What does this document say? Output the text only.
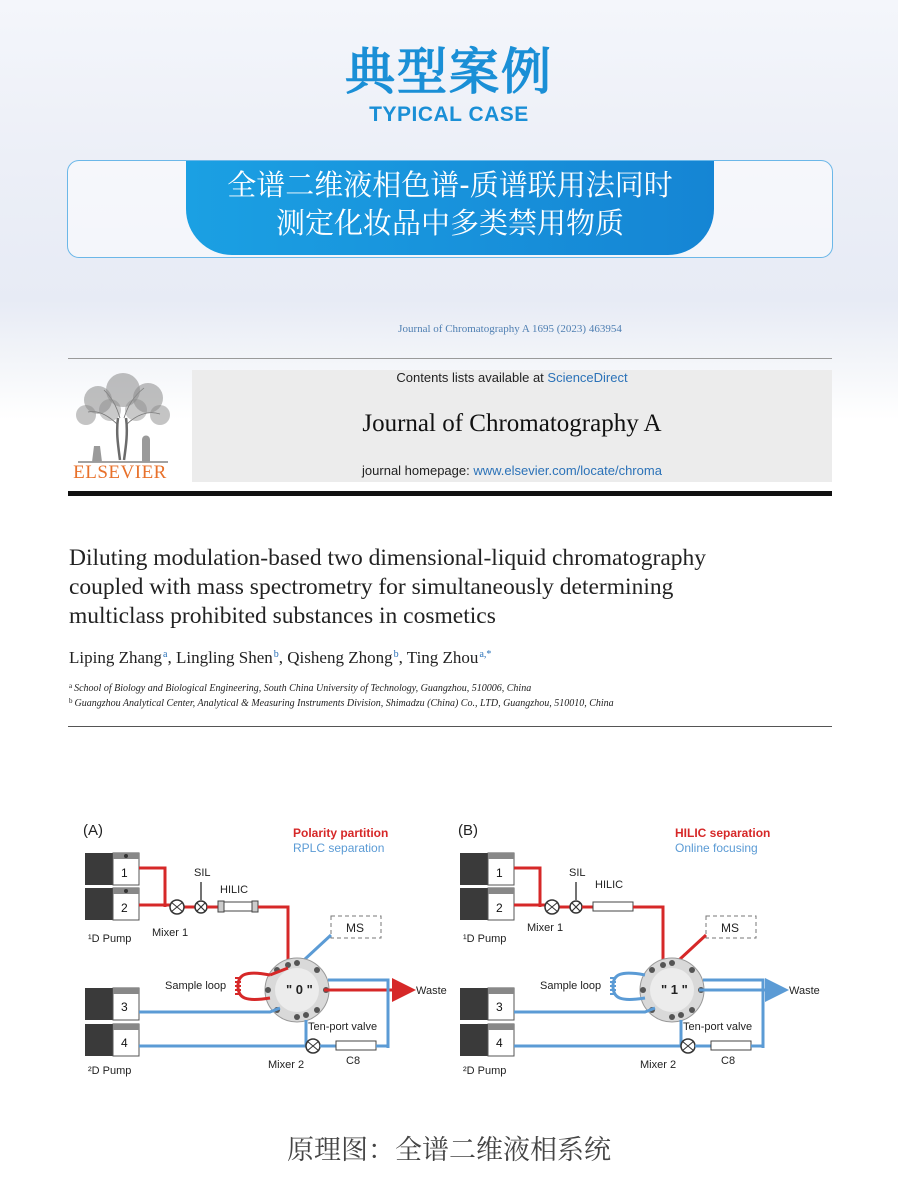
典型案例
TYPICAL CASE
全谱二维液相色谱-质谱联用法同时
测定化妆品中多类禁用物质
Journal of Chromatography A 1695 (2023) 463954
ELSEVIER
Contents lists available at ScienceDirect
Journal of Chromatography A
journal homepage: www.elsevier.com/locate/chroma
Diluting modulation-based two dimensional-liquid chromatography
coupled with mass spectrometry for simultaneously determining
multiclass prohibited substances in cosmetics
Liping Zhang$^a$, Lingling Shen$^b$, Qisheng Zhong$^b$, Ting Zhou$^{a,*}$
$^a$ School of Biology and Biological Engineering, South China University of Technology, Guangzhou, 510006, China
$^b$ Guangzhou Analytical Center, Analytical & Measuring Instruments Division, Shimadzu (China) Co., LTD, Guangzhou, 510010, China
(A)	Polarity partition
RPLC separation
1
2
¹D Pump
SIL
HILIC
Mixer 1	MS
" 0 "
Sample loop	Waste
3
4
²D Pump	Mixer 2
Ten-port valve
C8
(B)	HILIC separation
Online focusing
1
2
¹D Pump
SIL
HILIC
Mixer 1	MS
" 1 "
Sample loop	Waste
3
4
²D Pump	Mixer 2
Ten-port valve
C8
原理图：全谱二维液相系统
